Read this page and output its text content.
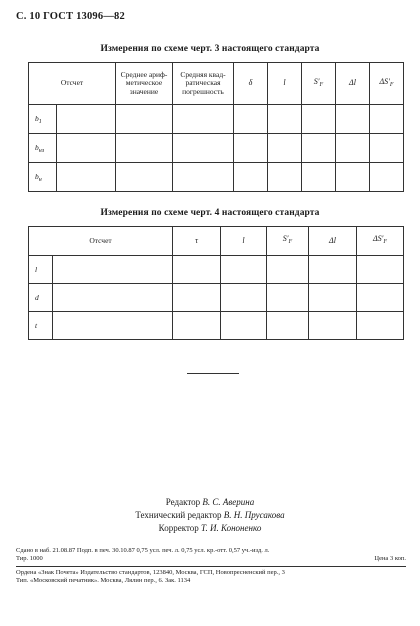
С. 10 ГОСТ 13096—82
Измерения по схеме черт. 3 настоящего стандарта
Отсчет		Среднее ариф-метическое значение	Средняя квад-ратическая погрешность	δ	l	$S'_F$	Δl	$\Delta S'_F$
$b_1$								
$b_{нз}$								
$b_н$								
Измерения по схеме черт. 4 настоящего стандарта
Отсчет		τ	l	$S'_F$	Δl	$\Delta S'_F$
l						
d						
t						
Редактор В. С. Аверина
Технический редактор В. Н. Прусакова
Корректор Т. И. Кононенко
Сдано в наб. 21.08.87 Подп. в печ. 30.10.87 0,75 усл. печ. л. 0,75 усл. кр.-отт. 0,57 уч.-изд. л.
Тир. 1000	Цена 3 коп.
Ордена «Знак Почета» Издательство стандартов, 123840, Москва, ГСП, Новопресненский пер., 3
Тип. «Московский печатник». Москва, Лялин пер., 6. Зак. 1134
